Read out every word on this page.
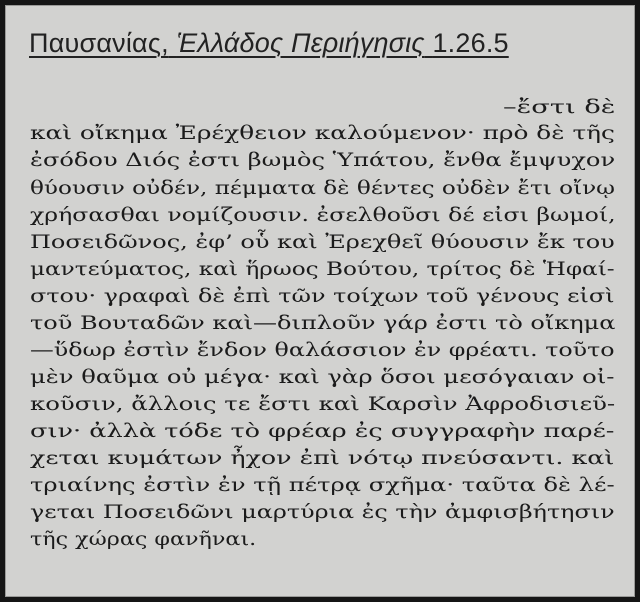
Παυσανίας, Ἑλλάδος Περιήγησις 1.26.5
–ἔστι δὲ
καὶ οἴκημα Ἐρέχθειον καλούμενον· πρὸ δὲ τῆς
ἐσόδου Διός ἐστι βωμὸς Ὑπάτου, ἔνθα ἔμψυχον
θύουσιν οὐδέν, πέμματα δὲ θέντες οὐδὲν ἔτι οἴνῳ
χρήσασθαι νομίζουσιν. ἐσελθοῦσι δέ εἰσι βωμοί,
Ποσειδῶνος, ἐφ’ οὗ καὶ Ἐρεχθεῖ θύουσιν ἔκ του
μαντεύματος, καὶ ἥρωος Βούτου, τρίτος δὲ Ἡφαί-
στου· γραφαὶ δὲ ἐπὶ τῶν τοίχων τοῦ γένους εἰσὶ
τοῦ Βουταδῶν καὶ—διπλοῦν γάρ ἐστι τὸ οἴκημα
—ὕδωρ ἐστὶν ἔνδον θαλάσσιον ἐν φρέατι. τοῦτο
μὲν θαῦμα οὐ μέγα· καὶ γὰρ ὅσοι μεσόγαιαν οἰ-
κοῦσιν, ἄλλοις τε ἔστι καὶ Καρσὶν Ἀφροδισιεῦ-
σιν· ἀλλὰ τόδε τὸ φρέαρ ἐς συγγραφὴν παρέ-
χεται κυμάτων ἦχον ἐπὶ νότῳ πνεύσαντι. καὶ
τριαίνης ἐστὶν ἐν τῇ πέτρᾳ σχῆμα· ταῦτα δὲ λέ-
γεται Ποσειδῶνι μαρτύρια ἐς τὴν ἀμφισβήτησιν
τῆς χώρας φανῆναι.
